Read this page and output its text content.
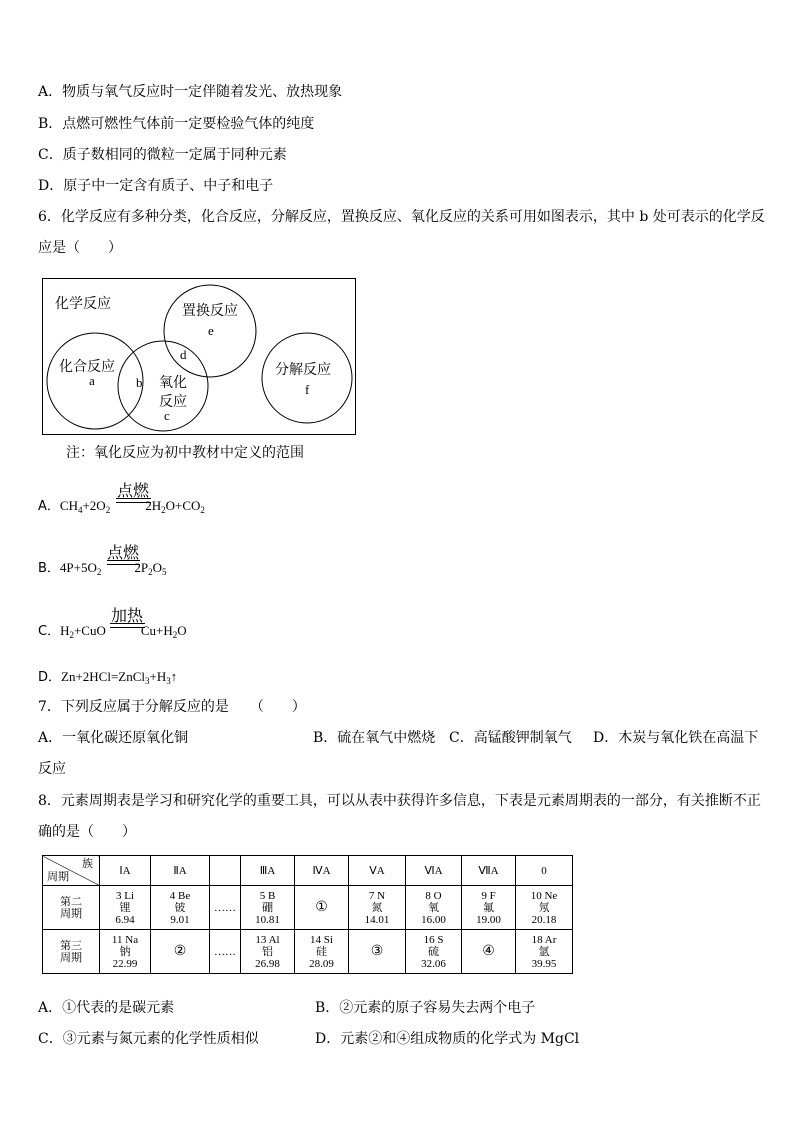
A．物质与氧气反应时一定伴随着发光、放热现象
B．点燃可燃性气体前一定要检验气体的纯度
C．质子数相同的微粒一定属于同种元素
D．原子中一定含有质子、中子和电子
6．化学反应有多种分类，化合反应，分解反应，置换反应、氧化反应的关系可用如图表示，其中 b 处可表示的化学反
应是（　　）
化学反应	置换反应
e
化合反应
a	b
d
氧化
反应
c
分解反应
f
注：氧化反应为初中教材中定义的范围
A．$CH_4+2O_2$	$2H_2O+CO_2$
点燃
B．$4P+5O_2$	$2P_2O_5$
点燃
C．$H_2+CuO$	$Cu+H_2O$
加热
D．$Zn+2HCl=ZnCl_3+H_3↑$
7．下列反应属于分解反应的是　　（　　）
A．一氧化碳还原氧化铜	B．硫在氧气中燃烧 C．高锰酸钾制氧气 D．木炭与氧化铁在高温下
反应
8．元素周期表是学习和研究化学的重要工具，可以从表中获得许多信息，下表是元素周期表的一部分，有关推断不正
确的是（　　）
族
周期	ⅠA	ⅡA		ⅢA	ⅣA	ⅤA	ⅥA	ⅦA	0

第二
周期	3 Li
锂
6.94	4 Be
铍
9.01	……	5 B
硼
10.81	①	7 N
氮
14.01	8 O
氧
16.00	9 F
氟
19.00	10 Ne
氖
20.18

第三
周期	11 Na
钠
22.99	②	……	13 Al
铝
26.98	14 Si
硅
28.09	③	16 S
硫
32.06	④	18 Ar
氩
39.95
A．①代表的是碳元素	B．②元素的原子容易失去两个电子
C．③元素与氮元素的化学性质相似	D．元素②和④组成物质的化学式为 MgCl
